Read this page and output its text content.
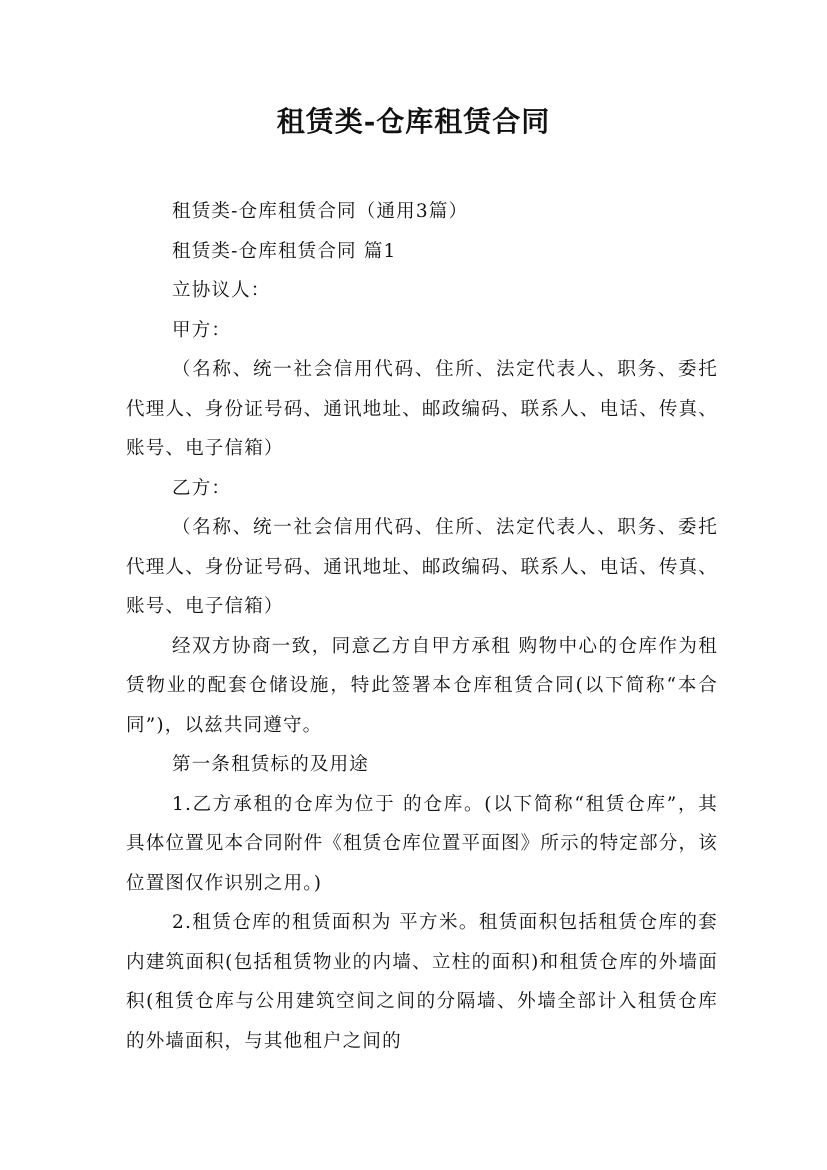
租赁类-仓库租赁合同

租赁类-仓库租赁合同（通用3篇）

租赁类-仓库租赁合同 篇1

立协议人：

甲方：

（名称、统一社会信用代码、住所、法定代表人、职务、委托代理人、身份证号码、通讯地址、邮政编码、联系人、电话、传真、账号、电子信箱）

乙方：

（名称、统一社会信用代码、住所、法定代表人、职务、委托代理人、身份证号码、通讯地址、邮政编码、联系人、电话、传真、账号、电子信箱）

经双方协商一致，同意乙方自甲方承租 购物中心的仓库作为租赁物业的配套仓储设施，特此签署本仓库租赁合同(以下简称“本合同”)，以兹共同遵守。

第一条租赁标的及用途

1.乙方承租的仓库为位于 的仓库。(以下简称“租赁仓库”，其具体位置见本合同附件《租赁仓库位置平面图》所示的特定部分，该位置图仅作识别之用。)

2.租赁仓库的租赁面积为 平方米。租赁面积包括租赁仓库的套内建筑面积(包括租赁物业的内墙、立柱的面积)和租赁仓库的外墙面积(租赁仓库与公用建筑空间之间的分隔墙、外墙全部计入租赁仓库的外墙面积，与其他租户之间的
